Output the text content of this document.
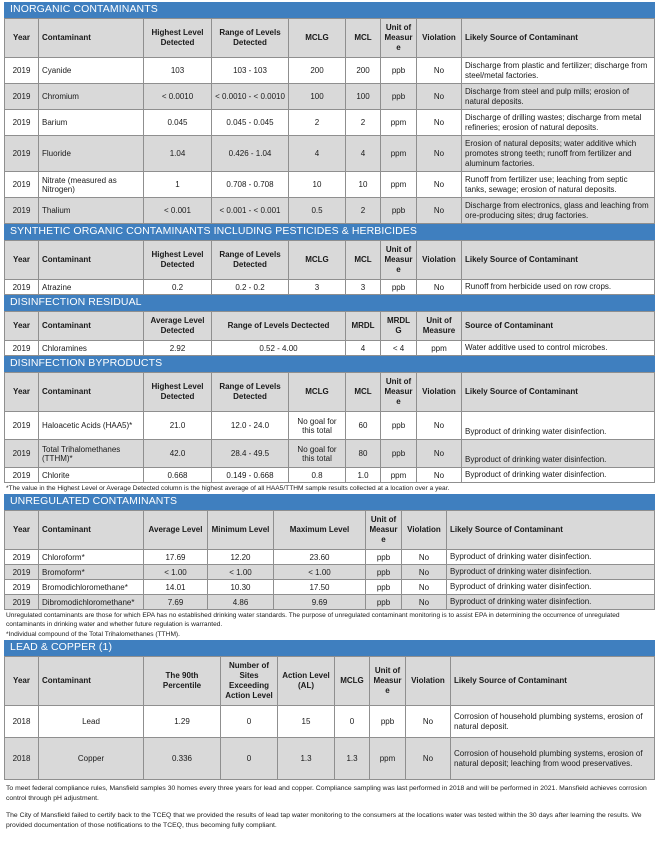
INORGANIC CONTAMINANTS
Year	Contaminant	Highest Level Detected	Range of Levels Detected	MCLG	MCL	Unit of Measure	Violation	Likely Source of Contaminant
2019	Cyanide	103	103 - 103	200	200	ppb	No	Discharge from plastic and fertilizer; discharge from steel/metal factories.
2019	Chromium	< 0.0010	< 0.0010 - < 0.0010	100	100	ppb	No	Discharge from steel and pulp mills; erosion of natural deposits.
2019	Barium	0.045	0.045 - 0.045	2	2	ppm	No	Discharge of drilling wastes; discharge from metal refineries; erosion of natural deposits.
2019	Fluoride	1.04	0.426 - 1.04	4	4	ppm	No	Erosion of natural deposits; water additive which promotes strong teeth; runoff from fertilizer and aluminum factories.
2019	Nitrate (measured as Nitrogen)	1	0.708 - 0.708	10	10	ppm	No	Runoff from fertilizer use; leaching from septic tanks, sewage; erosion of natural deposits.
2019	Thalium	< 0.001	< 0.001 - < 0.001	0.5	2	ppb	No	Discharge from electronics, glass and leaching from ore-producing sites; drug factories.
SYNTHETIC ORGANIC CONTAMINANTS INCLUDING PESTICIDES & HERBICIDES
Year	Contaminant	Highest Level Detected	Range of Levels Detected	MCLG	MCL	Unit of Measure	Violation	Likely Source of Contaminant
2019	Atrazine	0.2	0.2 - 0.2	3	3	ppb	No	Runoff from herbicide used on row crops.
DISINFECTION RESIDUAL
Year	Contaminant	Average Level Detected	Range of Levels Dectected	MRDL	MRDLG	Unit of Measure	Source of Contaminant
2019	Chloramines	2.92	0.52 - 4.00	4	< 4	ppm	Water additive used to control microbes.
DISINFECTION BYPRODUCTS
Year	Contaminant	Highest Level Detected	Range of Levels Detected	MCLG	MCL	Unit of Measure	Violation	Likely Source of Contaminant
2019	Haloacetic Acids (HAA5)*	21.0	12.0 - 24.0	No goal for this total	60	ppb	No	Byproduct of drinking water disinfection.
2019	Total Trihalomethanes (TTHM)*	42.0	28.4 - 49.5	No goal for this total	80	ppb	No	Byproduct of drinking water disinfection.
2019	Chlorite	0.668	0.149 - 0.668	0.8	1.0	ppm	No	Byproduct of drinking water disinfection.
*The value in the Highest Level or Average Detected column is the highest average of all HAA5/TTHM sample results collected at a location over a year.
UNREGULATED CONTAMINANTS
Year	Contaminant	Average Level	Minimum Level	Maximum Level	Unit of Measure	Violation	Likely Source of Contaminant
2019	Chloroform*	17.69	12.20	23.60	ppb	No	Byproduct of drinking water disinfection.
2019	Bromoform*	< 1.00	< 1.00	< 1.00	ppb	No	Byproduct of drinking water disinfection.
2019	Bromodichloromethane*	14.01	10.30	17.50	ppb	No	Byproduct of drinking water disinfection.
2019	Dibromodichloromethane*	7.69	4.86	9.69	ppb	No	Byproduct of drinking water disinfection.
Unregulated contaminants are those for which EPA has no established drinking water standards. The purpose of unregulated contaminant monitoring is to assist EPA in determining the occurrence of unregulated contaminants in drinking water and whether future regulation is warranted.
*Individual compound of the Total Trihalomethanes (TTHM).
LEAD & COPPER (1)
Year	Contaminant	The 90th Percentile	Number of Sites Exceeding Action Level	Action Level (AL)	MCLG	Unit of Measure	Violation	Likely Source of Contaminant
2018	Lead	1.29	0	15	0	ppb	No	Corrosion of household plumbing systems, erosion of natural deposit.
2018	Copper	0.336	0	1.3	1.3	ppm	No	Corrosion of household plumbing systems, erosion of natural deposit; leaching from wood preservatives.

To meet federal compliance rules, Mansfield samples 30 homes every three years for lead and copper. Compliance sampling was last performed in 2018 and will be performed in 2021. Mansfield achieves corrosion control through pH adjustment.

The City of Mansfield failed to certify back to the TCEQ that we provided the results of lead tap water monitoring to the consumers at the locations water was tested within the 30 days after learning the results. We provided documentation of those notifications to the TCEQ, thus becoming fully compliant.
